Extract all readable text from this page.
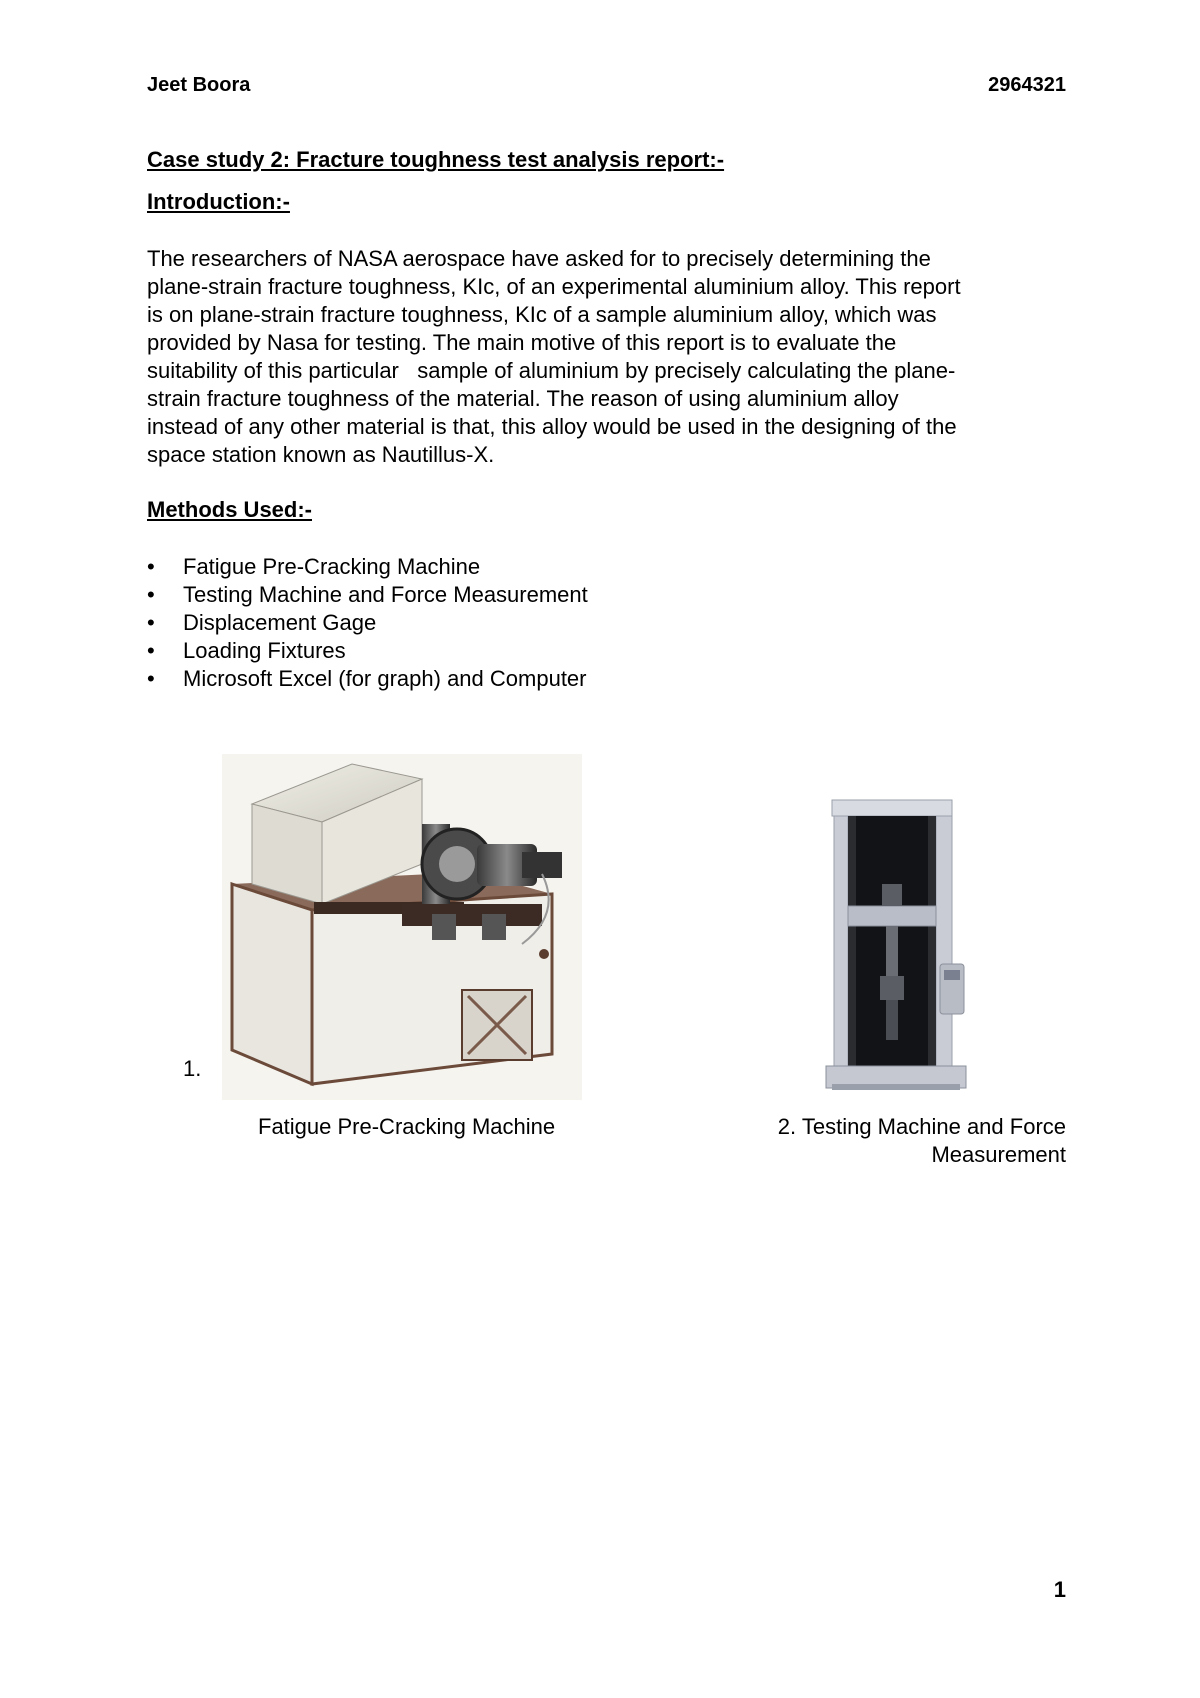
Jeet Boora	2964321
Case study 2: Fracture toughness test analysis report:-
Introduction:-
The researchers of NASA aerospace have asked for to precisely determining the
plane-strain fracture toughness, KIc, of an experimental aluminium alloy. This report
is on plane-strain fracture toughness, KIc of a sample aluminium alloy, which was
provided by Nasa for testing. The main motive of this report is to evaluate the
suitability of this particular   sample of aluminium by precisely calculating the plane-
strain fracture toughness of the material. The reason of using aluminium alloy
instead of any other material is that, this alloy would be used in the designing of the
space station known as Nautillus-X.
Methods Used:-
• Fatigue Pre-Cracking Machine
• Testing Machine and Force Measurement
• Displacement Gage
• Loading Fixtures
• Microsoft Excel (for graph) and Computer
1.
Fatigue Pre-Cracking Machine	2. Testing Machine and Force
Measurement
1
